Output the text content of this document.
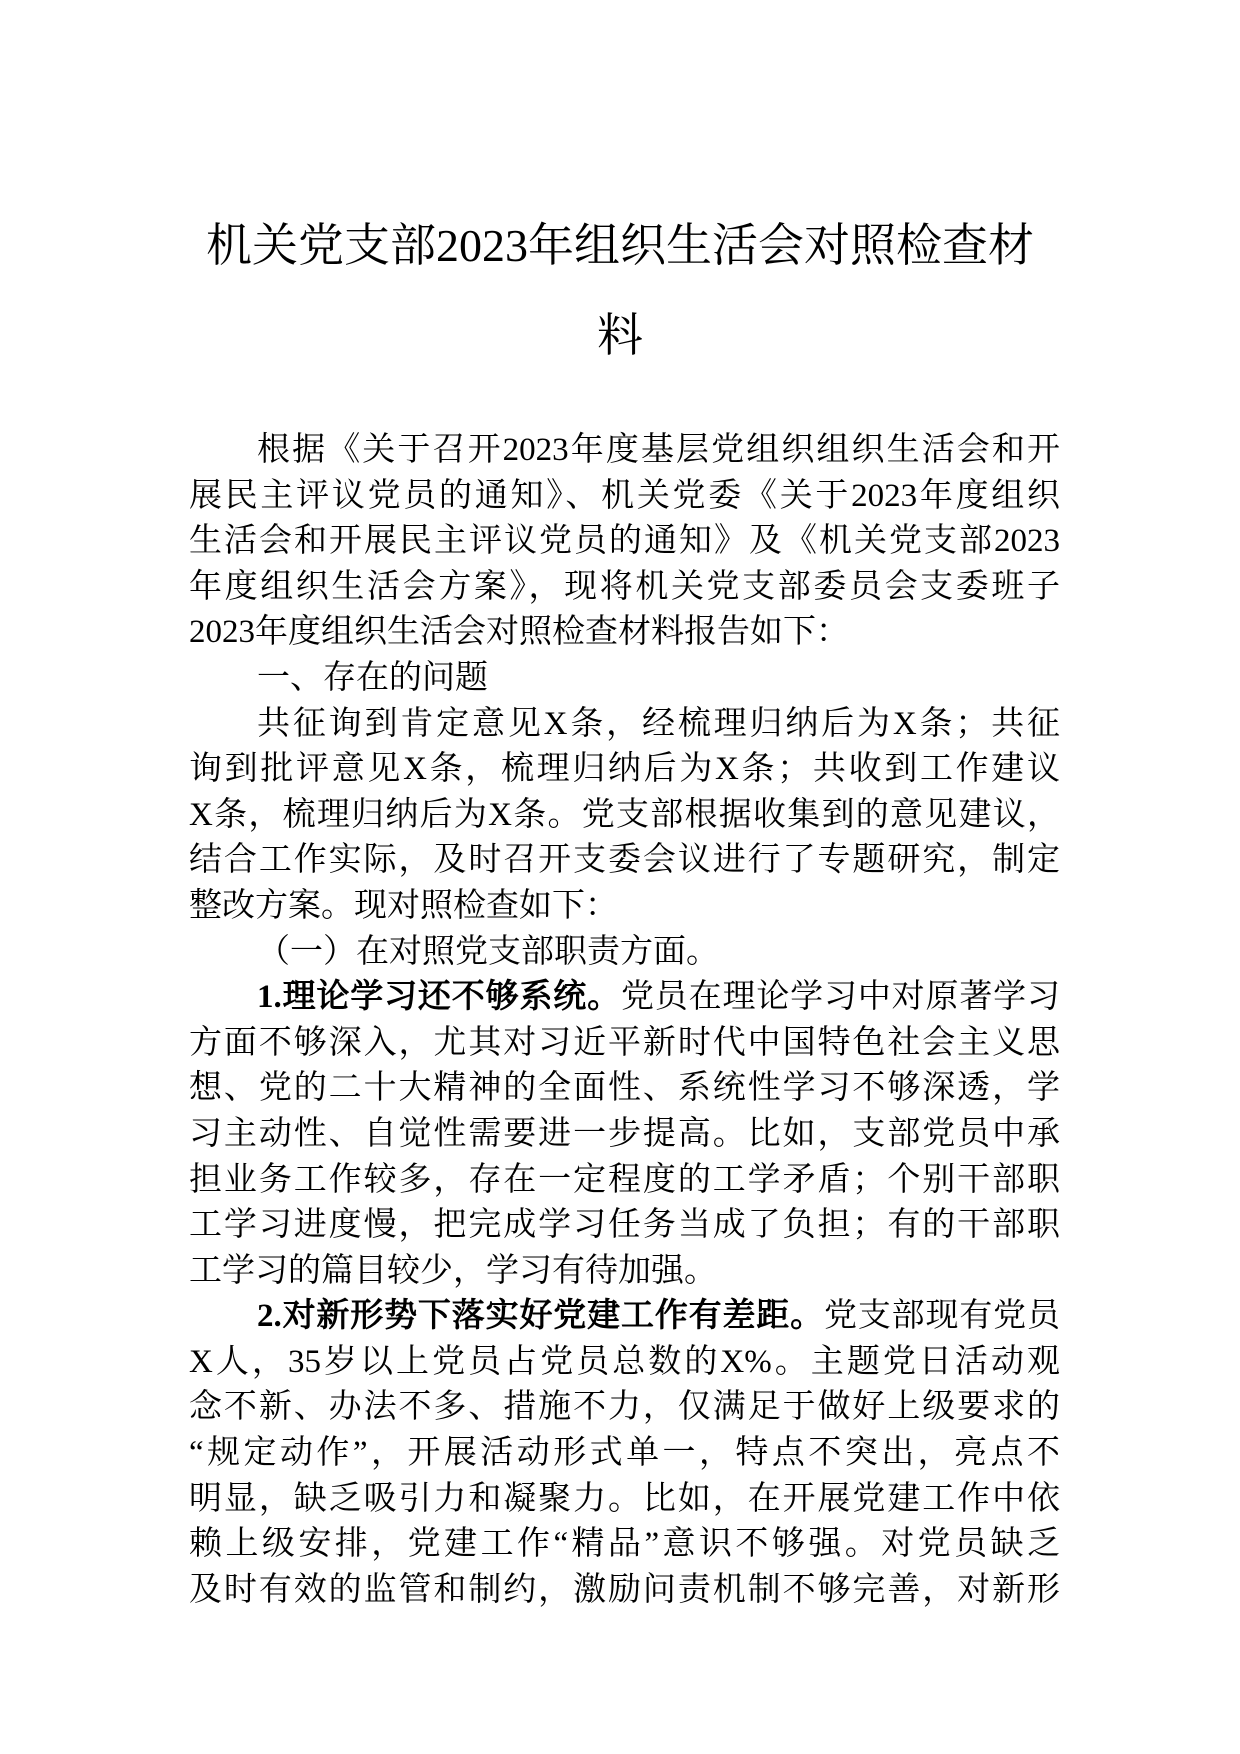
机关党支部2023年组织生活会对照检查材
料
根据《关于召开2023年度基层党组织组织生活会和开
展民主评议党员的通知》、机关党委《关于2023年度组织
生活会和开展民主评议党员的通知》及《机关党支部2023
年度组织生活会方案》，现将机关党支部委员会支委班子
2023年度组织生活会对照检查材料报告如下：
一、存在的问题
共征询到肯定意见X条，经梳理归纳后为X条；共征
询到批评意见X条，梳理归纳后为X条；共收到工作建议
X条，梳理归纳后为X条。党支部根据收集到的意见建议，
结合工作实际，及时召开支委会议进行了专题研究，制定
整改方案。现对照检查如下：
（一）在对照党支部职责方面。
1.理论学习还不够系统。党员在理论学习中对原著学习
方面不够深入，尤其对习近平新时代中国特色社会主义思
想、党的二十大精神的全面性、系统性学习不够深透，学
习主动性、自觉性需要进一步提高。比如，支部党员中承
担业务工作较多，存在一定程度的工学矛盾；个别干部职
工学习进度慢，把完成学习任务当成了负担；有的干部职
工学习的篇目较少，学习有待加强。
2.对新形势下落实好党建工作有差距。党支部现有党员
X人，35岁以上党员占党员总数的X%。主题党日活动观
念不新、办法不多、措施不力，仅满足于做好上级要求的
“规定动作”，开展活动形式单一，特点不突出，亮点不
明显，缺乏吸引力和凝聚力。比如，在开展党建工作中依
赖上级安排，党建工作“精品”意识不够强。对党员缺乏
及时有效的监管和制约，激励问责机制不够完善，对新形
